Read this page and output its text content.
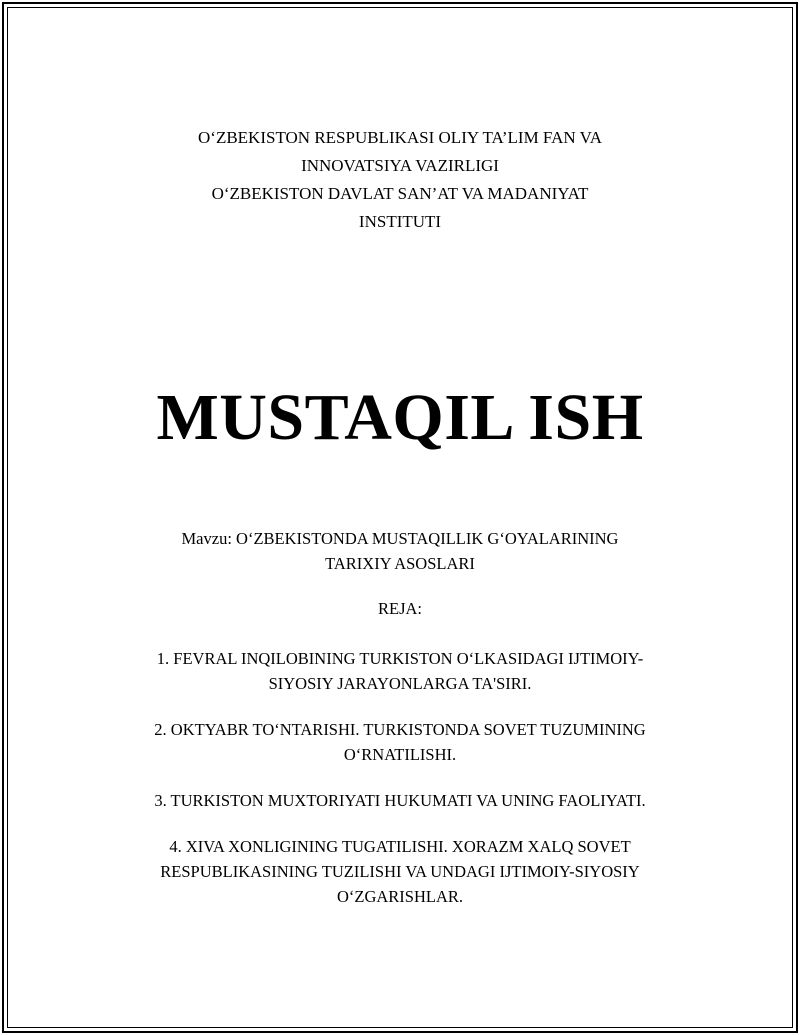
O‘ZBEKISTON RESPUBLIKASI OLIY TA’LIM FAN VA
INNOVATSIYA VAZIRLIGI
O‘ZBEKISTON DAVLAT SAN’AT VA MADANIYAT
INSTITUTI
MUSTAQIL ISH
Mavzu: O‘ZBEKISTONDA MUSTAQILLIK G‘OYALARINING
TARIXIY ASOSLARI
REJA:
1. FEVRAL INQILOBINING TURKISTON O‘LKASIDAGI IJTIMOIY-
SIYOSIY JARAYONLARGA TA'SIRI.
2. OKTYABR TO‘NTARISHI. TURKISTONDA SOVET TUZUMINING
O‘RNATILISHI.
3. TURKISTON MUXTORIYATI HUKUMATI VA UNING FAOLIYATI.
4. XIVA XONLIGINING TUGATILISHI. XORAZM XALQ SOVET
RESPUBLIKASINING TUZILISHI VA UNDAGI IJTIMOIY-SIYOSIY
O‘ZGARISHLAR.
